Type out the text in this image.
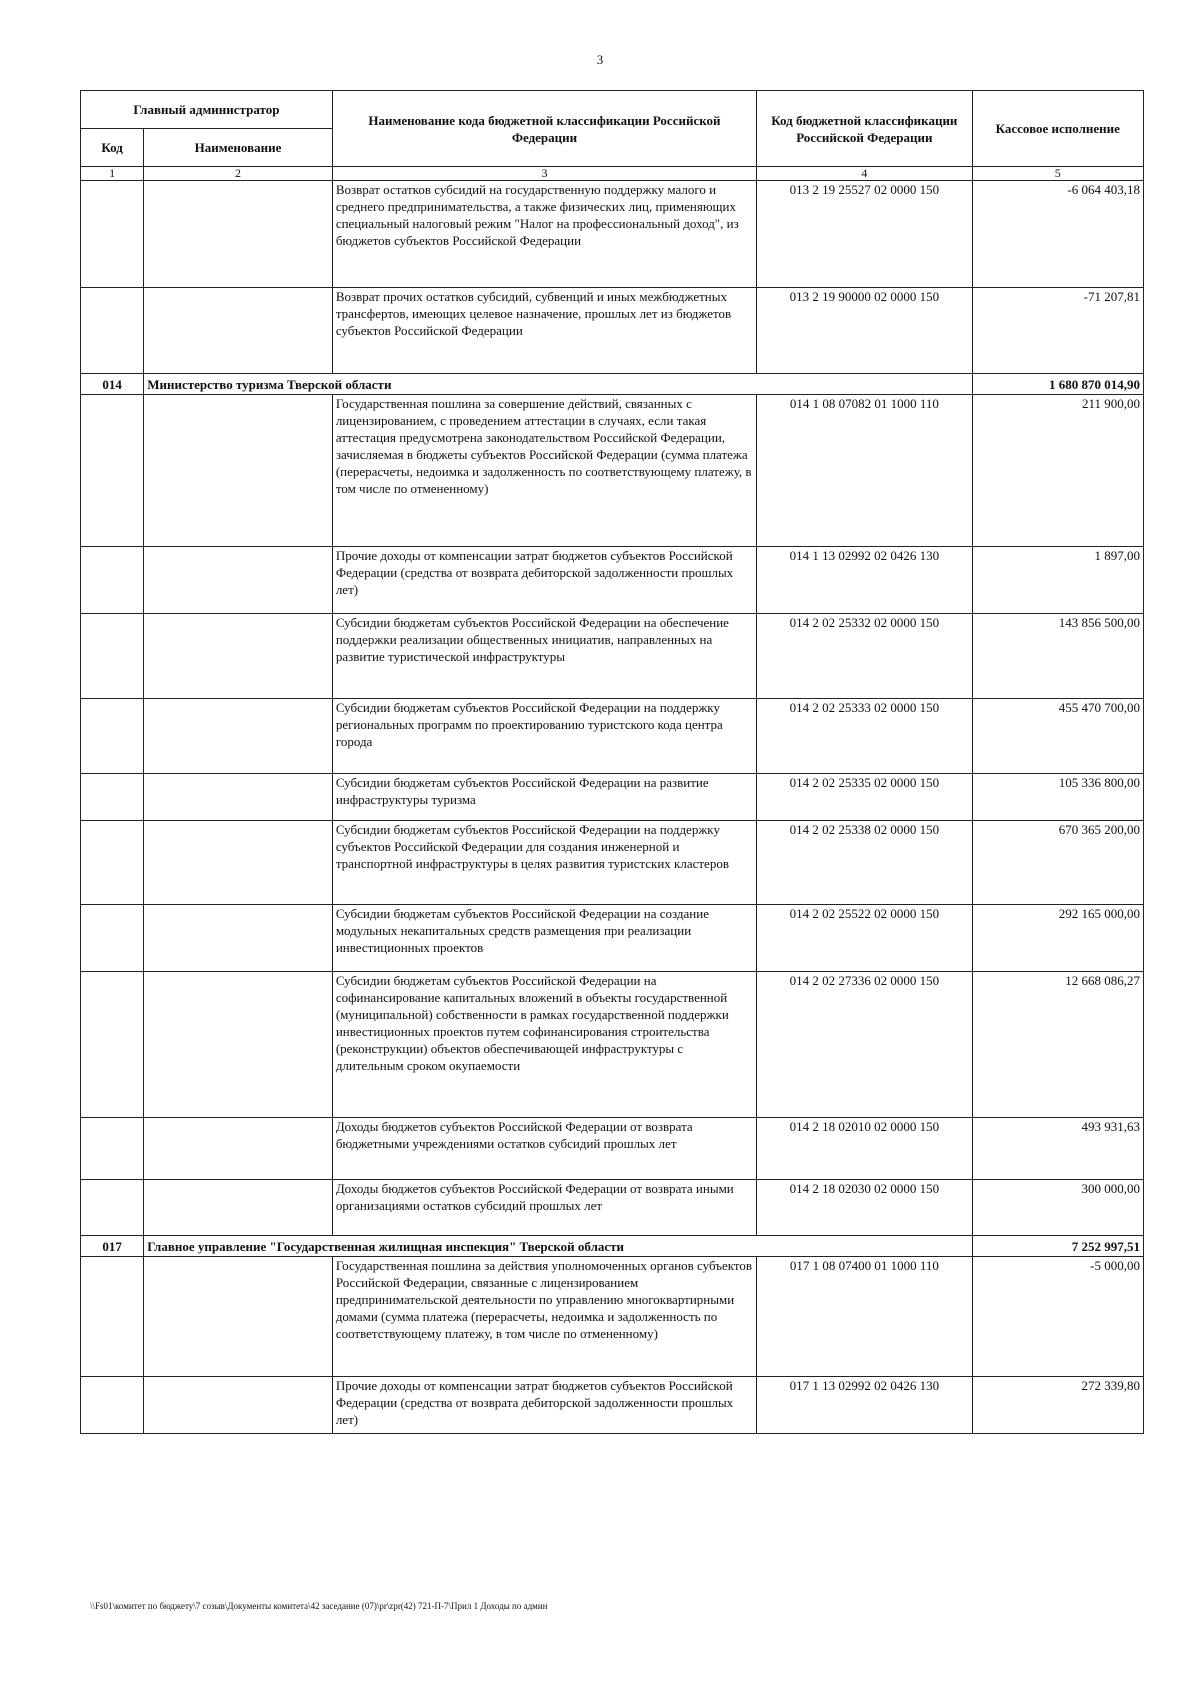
3
Главный администратор		Наименование кода бюджетной классификации Российской Федерации	Код бюджетной классификации Российской Федерации	Кассовое исполнение
Код	Наименование			
1	2	3	4	5
		Возврат остатков субсидий на государственную поддержку малого и среднего предпринимательства, а также физических лиц, применяющих специальный налоговый режим "Налог на профессиональный доход", из бюджетов субъектов Российской Федерации	013 2 19 25527 02 0000 150	-6 064 403,18
		Возврат прочих остатков субсидий, субвенций и иных межбюджетных трансфертов, имеющих целевое назначение, прошлых лет из бюджетов субъектов Российской Федерации	013 2 19 90000 02 0000 150	-71 207,81
014	Министерство туризма Тверской области			1 680 870 014,90
		Государственная пошлина за совершение действий, связанных с лицензированием, с проведением аттестации в случаях, если такая аттестация предусмотрена законодательством Российской Федерации, зачисляемая в бюджеты субъектов Российской Федерации (сумма платежа (перерасчеты, недоимка и задолженность по соответствующему платежу, в том числе по отмененному)	014 1 08 07082 01 1000 110	211 900,00
		Прочие доходы от компенсации затрат бюджетов субъектов Российской Федерации (средства от возврата дебиторской задолженности прошлых лет)	014 1 13 02992 02 0426 130	1 897,00
		Субсидии бюджетам субъектов Российской Федерации на обеспечение поддержки реализации общественных инициатив, направленных на развитие туристической инфраструктуры	014 2 02 25332 02 0000 150	143 856 500,00
		Субсидии бюджетам субъектов Российской Федерации на поддержку региональных программ по проектированию туристского кода центра города	014 2 02 25333 02 0000 150	455 470 700,00
		Субсидии бюджетам субъектов Российской Федерации на развитие инфраструктуры туризма	014 2 02 25335 02 0000 150	105 336 800,00
		Субсидии бюджетам субъектов Российской Федерации на поддержку субъектов Российской Федерации для создания инженерной и транспортной инфраструктуры в целях развития туристских кластеров	014 2 02 25338 02 0000 150	670 365 200,00
		Субсидии бюджетам субъектов Российской Федерации на создание модульных некапитальных средств размещения при реализации инвестиционных проектов	014 2 02 25522 02 0000 150	292 165 000,00
		Субсидии бюджетам субъектов Российской Федерации на софинансирование капитальных вложений в объекты государственной (муниципальной) собственности в рамках государственной поддержки инвестиционных проектов путем софинансирования строительства (реконструкции) объектов обеспечивающей инфраструктуры с длительным сроком окупаемости	014 2 02 27336 02 0000 150	12 668 086,27
		Доходы бюджетов субъектов Российской Федерации от возврата бюджетными учреждениями остатков субсидий прошлых лет	014 2 18 02010 02 0000 150	493 931,63
		Доходы бюджетов субъектов Российской Федерации от возврата иными организациями остатков субсидий прошлых лет	014 2 18 02030 02 0000 150	300 000,00
017	Главное управление "Государственная жилищная инспекция" Тверской области			7 252 997,51
		Государственная пошлина за действия уполномоченных органов субъектов Российской Федерации, связанные с лицензированием предпринимательской деятельности по управлению многоквартирными домами (сумма платежа (перерасчеты, недоимка и задолженность по соответствующему платежу, в том числе по отмененному)	017 1 08 07400 01 1000 110	-5 000,00
		Прочие доходы от компенсации затрат бюджетов субъектов Российской Федерации (средства от возврата дебиторской задолженности прошлых лет)	017 1 13 02992 02 0426 130	272 339,80
\\Fs01\комитет по бюджету\7 созыв\Документы комитета\42 заседание (07)\pr\zpr(42) 721-П-7\Прил 1 Доходы по админ
